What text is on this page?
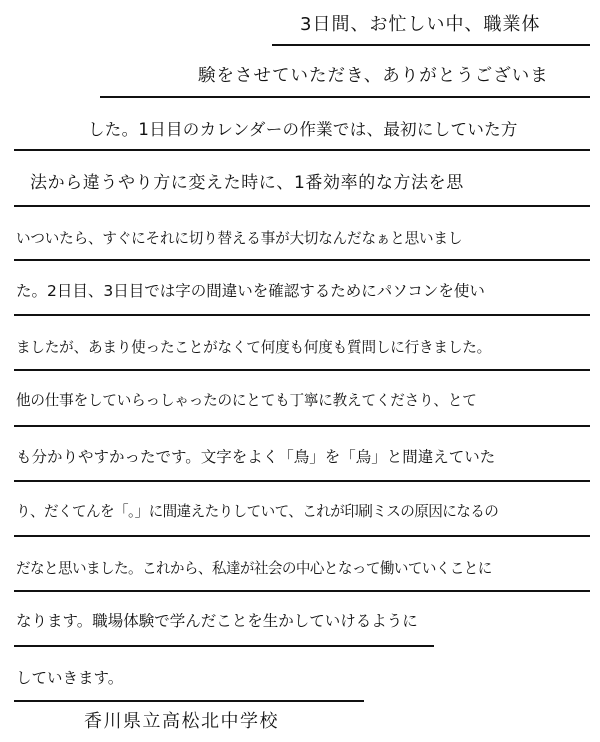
3日間、お忙しい中、職業体
験をさせていただき、ありがとうございま
した。1日目のカレンダーの作業では、最初にしていた方
法から違うやり方に変えた時に、1番効率的な方法を思
いついたら、すぐにそれに切り替える事が大切なんだなぁと思いまし
た。2日目、3日目では字の間違いを確認するためにパソコンを使い
ましたが、あまり使ったことがなくて何度も何度も質問しに行きました。
他の仕事をしていらっしゃったのにとても丁寧に教えてくださり、とて
も分かりやすかったです。文字をよく「鳥」を「烏」と間違えていた
り、だくてんを「。」に間違えたりしていて、これが印刷ミスの原因になるの
だなと思いました。これから、私達が社会の中心となって働いていくことに
なります。職場体験で学んだことを生かしていけるように
していきます。
香川県立高松北中学校
